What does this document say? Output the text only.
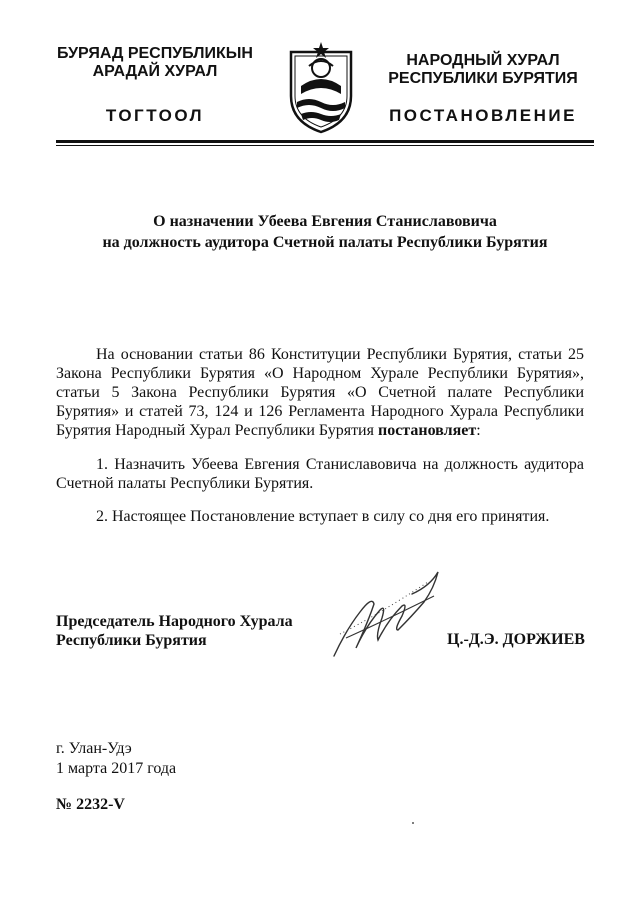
БУРЯАД РЕСПУБЛИКЫН
АРАДАЙ ХУРАЛ
ТОГТООЛ
НАРОДНЫЙ ХУРАЛ
РЕСПУБЛИКИ БУРЯТИЯ
ПОСТАНОВЛЕНИЕ
О назначении Убеева Евгения Станиславовича
на должность аудитора Счетной палаты Республики Бурятия
На основании статьи 86 Конституции Республики Бурятия, статьи 25 Закона Республики Бурятия «О Народном Хурале Республики Бурятия», статьи 5 Закона Республики Бурятия «О Счетной палате Республики Бурятия» и статей 73, 124 и 126 Регламента Народного Хурала Республики Бурятия Народный Хурал Республики Бурятия постановляет:
1. Назначить Убеева Евгения Станиславовича на должность аудитора Счетной палаты Республики Бурятия.
2. Настоящее Постановление вступает в силу со дня его принятия.
Председатель Народного Хурала
Республики Бурятия	Ц.-Д.Э. ДОРЖИЕВ
г. Улан-Удэ
1 марта 2017 года
№ 2232-V
